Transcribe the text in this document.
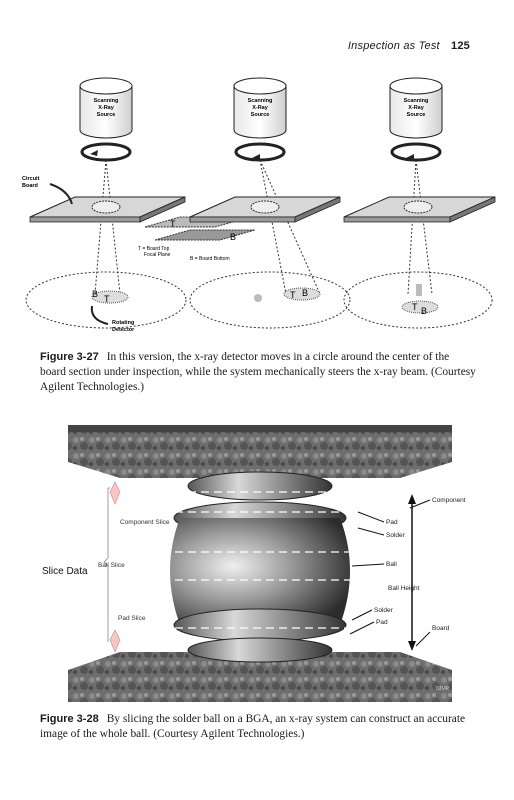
Inspection as Test 125
Scanning
X-Ray
Source
Circuit
Board
B T
Rotating
Detector
T
B
T = Board Top
Focal Plane
B = Board Bottom
Scanning
X-Ray
Source
T B
Scanning
X-Ray
Source
T B
Figure 3-27 In this version, the x-ray detector moves in a circle around the center of the board section under inspection, while the system mechanically steers the x-ray beam. (Courtesy Agilent Technologies.)
Component Slice
Ball Slice
Pad Slice
Slice Data
Component
Pad
Solder
Ball
Ball Height
Solder
Pad
Board
03MP
Figure 3-28 By slicing the solder ball on a BGA, an x-ray system can construct an accurate image of the whole ball. (Courtesy Agilent Technologies.)
